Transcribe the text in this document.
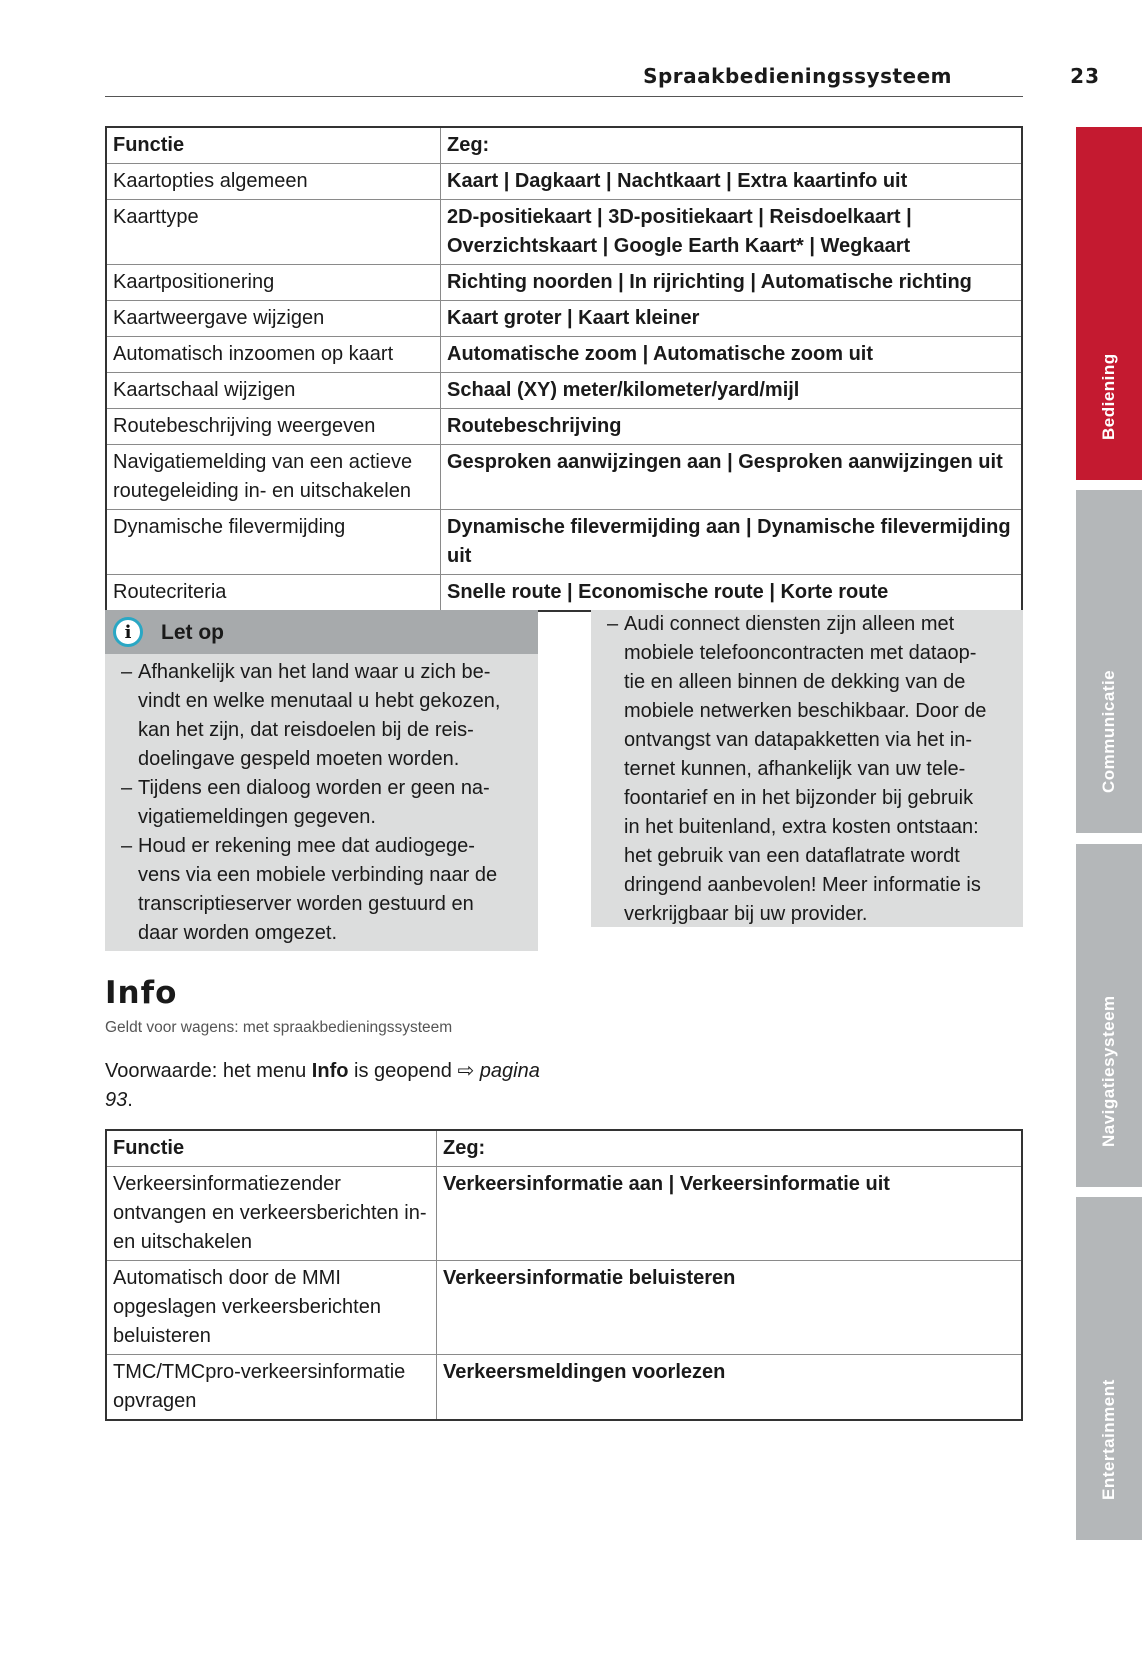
Spraakbedieningssysteem	23
Functie	Zeg:
Kaartopties algemeen	Kaart | Dagkaart | Nachtkaart | Extra kaartinfo uit
Kaarttype	2D-positiekaart | 3D-positiekaart | Reisdoelkaart | Overzichtskaart | Google Earth Kaart* | Wegkaart
Kaartpositionering	Richting noorden | In rijrichting | Automatische richting
Kaartweergave wijzigen	Kaart groter | Kaart kleiner
Automatisch inzoomen op kaart	Automatische zoom | Automatische zoom uit
Kaartschaal wijzigen	Schaal (XY) meter/kilometer/yard/mijl
Routebeschrijving weergeven	Routebeschrijving
Navigatiemelding van een actieve routegeleiding in- en uitschakelen	Gesproken aanwijzingen aan | Gesproken aanwijzingen uit
Dynamische filevermijding	Dynamische filevermijding aan | Dynamische filevermijding uit
Routecriteria	Snelle route | Economische route | Korte route
i	Let op
– Afhankelijk van het land waar u zich be-
vindt en welke menutaal u hebt gekozen,
kan het zijn, dat reisdoelen bij de reis-
doelingave gespeld moeten worden.
– Tijdens een dialoog worden er geen na-
vigatiemeldingen gegeven.
– Houd er rekening mee dat audiogege-
vens via een mobiele verbinding naar de
transcriptieserver worden gestuurd en
daar worden omgezet.
– Audi connect diensten zijn alleen met
mobiele telefooncontracten met dataop-
tie en alleen binnen de dekking van de
mobiele netwerken beschikbaar. Door de
ontvangst van datapakketten via het in-
ternet kunnen, afhankelijk van uw tele-
foontarief en in het bijzonder bij gebruik
in het buitenland, extra kosten ontstaan:
het gebruik van een dataflatrate wordt
dringend aanbevolen! Meer informatie is
verkrijgbaar bij uw provider.
Info
Geldt voor wagens: met spraakbedieningssysteem
Voorwaarde: het menu Info is geopend ⇨ pagina 93.
Functie	Zeg:
Verkeersinformatiezender ontvangen en verkeersberichten in- en uitschakelen	Verkeersinformatie aan | Verkeersinformatie uit
Automatisch door de MMI opgeslagen verkeersberichten beluisteren	Verkeersinformatie beluisteren
TMC/TMCpro-verkeersinformatie opvragen	Verkeersmeldingen voorlezen
Bediening
Communicatie
Navigatiesysteem
Entertainment
